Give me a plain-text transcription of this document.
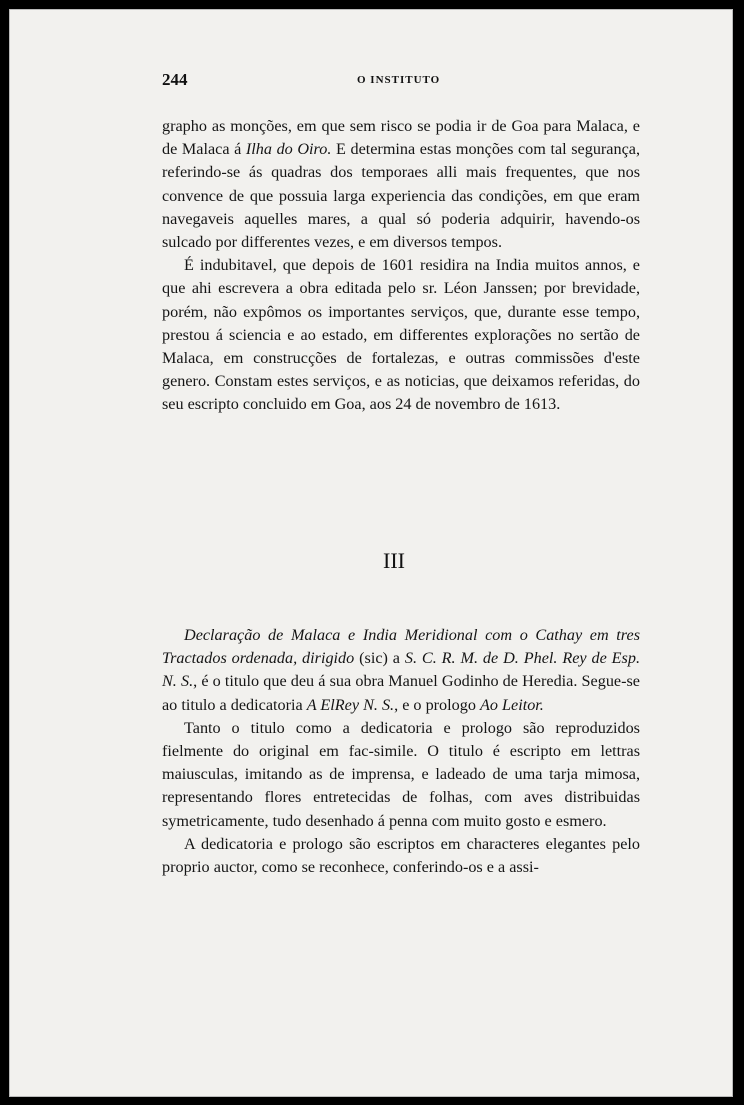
244	O INSTITUTO

grapho as monções, em que sem risco se podia ir de Goa para Malaca, e de Malaca á Ilha do Oiro. E determina estas monções com tal segurança, referindo-se ás quadras dos temporaes alli mais frequentes, que nos convence de que possuia larga experiencia das condições, em que eram navegaveis aquelles mares, a qual só poderia adquirir, havendo-os sulcado por differentes vezes, e em diversos tempos.

É indubitavel, que depois de 1601 residira na India muitos annos, e que ahi escrevera a obra editada pelo sr. Léon Janssen; por brevidade, porém, não expômos os importantes serviços, que, durante esse tempo, prestou á sciencia e ao estado, em differentes explorações no sertão de Malaca, em construcções de fortalezas, e outras commissões d'este genero. Constam estes serviços, e as noticias, que deixamos referidas, do seu escripto concluido em Goa, aos 24 de novembro de 1613.

III

Declaração de Malaca e India Meridional com o Cathay em tres Tractados ordenada, dirigido (sic) a S. C. R. M. de D. Phel. Rey de Esp. N. S., é o titulo que deu á sua obra Manuel Godinho de Heredia. Segue-se ao titulo a dedicatoria A ElRey N. S., e o prologo Ao Leitor.

Tanto o titulo como a dedicatoria e prologo são reproduzidos fielmente do original em fac-simile. O titulo é escripto em lettras maiusculas, imitando as de imprensa, e ladeado de uma tarja mimosa, representando flores entretecidas de folhas, com aves distribuidas symetricamente, tudo desenhado á penna com muito gosto e esmero.

A dedicatoria e prologo são escriptos em characteres elegantes pelo proprio auctor, como se reconhece, conferindo-os e a assi-
